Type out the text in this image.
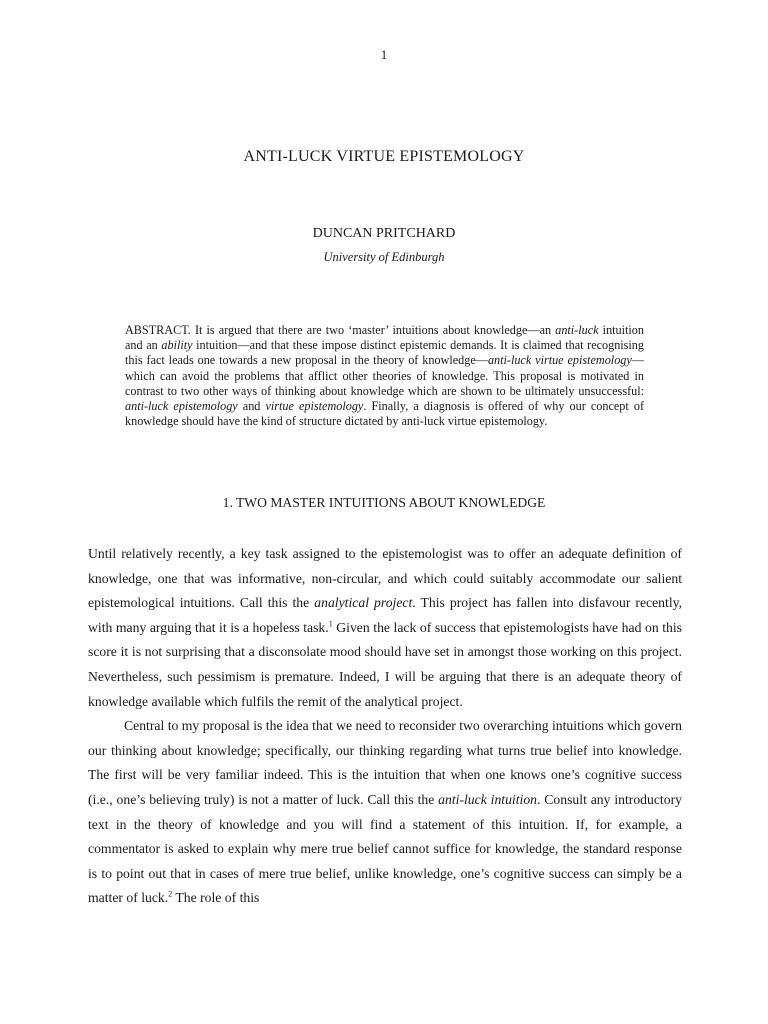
1
ANTI-LUCK VIRTUE EPISTEMOLOGY
DUNCAN PRITCHARD
University of Edinburgh

ABSTRACT. It is argued that there are two ‘master’ intuitions about knowledge—an anti-luck intuition and an ability intuition—and that these impose distinct epistemic demands. It is claimed that recognising this fact leads one towards a new proposal in the theory of knowledge—anti-luck virtue epistemology—which can avoid the problems that afflict other theories of knowledge. This proposal is motivated in contrast to two other ways of thinking about knowledge which are shown to be ultimately unsuccessful: anti-luck epistemology and virtue epistemology. Finally, a diagnosis is offered of why our concept of knowledge should have the kind of structure dictated by anti-luck virtue epistemology.

1. TWO MASTER INTUITIONS ABOUT KNOWLEDGE

Until relatively recently, a key task assigned to the epistemologist was to offer an adequate definition of knowledge, one that was informative, non-circular, and which could suitably accommodate our salient epistemological intuitions. Call this the analytical project. This project has fallen into disfavour recently, with many arguing that it is a hopeless task.$^1$ Given the lack of success that epistemologists have had on this score it is not surprising that a disconsolate mood should have set in amongst those working on this project. Nevertheless, such pessimism is premature. Indeed, I will be arguing that there is an adequate theory of knowledge available which fulfils the remit of the analytical project.

Central to my proposal is the idea that we need to reconsider two overarching intuitions which govern our thinking about knowledge; specifically, our thinking regarding what turns true belief into knowledge. The first will be very familiar indeed. This is the intuition that when one knows one’s cognitive success (i.e., one’s believing truly) is not a matter of luck. Call this the anti-luck intuition. Consult any introductory text in the theory of knowledge and you will find a statement of this intuition. If, for example, a commentator is asked to explain why mere true belief cannot suffice for knowledge, the standard response is to point out that in cases of mere true belief, unlike knowledge, one’s cognitive success can simply be a matter of luck.$^2$ The role of this
